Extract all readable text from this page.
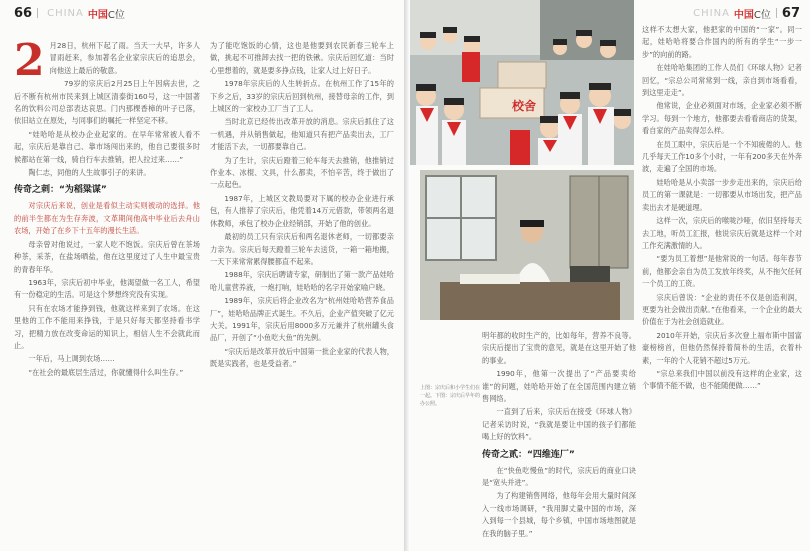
66 CHINA 中国 C位
2 月28日，杭州下起了雨。当天一大早，许多人冒雨赶来，参加著名企业家宗庆后的追思会，向他送上最后的敬意。

79岁的宗庆后2月25日上午因病去世，之后不断有杭州市民来到上城区清泰街160号，这一中国著名的饮料公司总部表达哀思。门内那棵香樟的叶子已落，依旧站立在原处，与同事们的嘱托一样坚定不移。

“娃哈哈是从校办企业起家的。在早年常常被人看不起，宗庆后是靠自己、靠市场闯出来的，他自己要很多时候都站在第一线，骑自行车去推销，把人拉过来……”

陶仁志，同他的人生故事引子的来讲。

传奇之刺：“为稻粱谋”

对宗庆后来说，创业是看似主动实则被动的选择。他的前半生都在为生存奔波，文革期间他高中毕业后去舟山农场，开始了在乡下十五年的漫长生活。

母亲曾对他说过，一家人吃不饱饭。宗庆后曾在茶场种茶，采茶，在盐场晒盐，他在这里度过了人生中最宝贵的青春年华。

1963年，宗庆后初中毕业，他渴望做一名工人，希望有一份稳定的生活。可是这个梦想终究没有实现。

只有在农场才能挣到钱，他就这样来到了农场。在这里他的工作不能用来挣钱，于是只好每天都坚持看书学习，把精力放在改变命运的知识上，相信人生不会就此而止。

一年后，马上调到农场……

“在社会的最底层生活过，你就懂得什么叫生存。”

为了能吃饱饭的心情，这也是他要到农民新春三轮车上做，挑起不可推卸去找一把的铁锹。宗庆后回忆道：当时心里想着的，就是要多挣点钱，让家人过上好日子。

1978年宗庆后的人生转折点。在杭州工作了15年的下乡之后，33岁的宗庆后回到杭州，接替母亲的工作，到上城区的一家校办工厂当了工人。

当时北京已经传出改革开放的消息。宗庆后抓住了这一机遇，并从销售做起，他知道只有把产品卖出去，工厂才能活下去，一切都要靠自己。

为了生计，宗庆后蹬着三轮车每天去推销，他推销过作业本、冰棍、文具，什么都卖，不怕辛苦，终于做出了一点起色。

1987年，上城区文教局要对下属的校办企业进行承包，有人推荐了宗庆后，他凭着14万元借款，带领两名退休教师，承包了校办企业经销部，开始了他的创业。

最初的员工只有宗庆后和两名退休老师，一切都要亲力亲为。宗庆后每天蹬着三轮车去送货，一箱一箱地搬，一天下来常常累得腰都直不起来。

1988年，宗庆后聘请专家，研制出了第一款产品娃哈哈儿童营养液，一炮打响，娃哈哈的名字开始家喻户晓。

1989年，宗庆后将企业改名为“杭州娃哈哈营养食品厂”，娃哈哈品牌正式诞生。不久后，企业产值突破了亿元大关。1991年，宗庆后用8000多万元兼并了杭州罐头食品厂，开创了“小鱼吃大鱼”的先例。

“宗庆后是改革开放后中国第一批企业家的代表人物，既是实践者，也是受益者。”

CHINA 中国 C位 67

这样不太想大家，他把家的中国的“一家”。同一起，娃哈哈将要合作国内的所有的学生“一步一步”的向前的路。

在娃哈哈集团的工作人员们《环球人物》记者回忆，“宗总公司常常到一线，亲自到市场看看，到这里走走”。

他常说，企业必须面对市场，企业家必须不断学习。每到一个地方，他都要去看看商店的货架，看自家的产品卖得怎么样。

在员工眼中，宗庆后是一个不知疲倦的人。他几乎每天工作10多个小时，一年有200多天在外奔波，走遍了全国的市场。

娃哈哈是从小卖部一步步走出来的，宗庆后给员工的第一课就是：一切都要从市场出发，把产品卖出去才是硬道理。

这样一次，宗庆后的喉咙沙哑，依旧坚持每天去工地，听员工汇报，他说宗庆后就是这样一个对工作充满激情的人。

“要为员工着想”是他常说的一句话。每年春节前，他都会亲自为员工发放年终奖，从不拖欠任何一个员工的工资。

宗庆后曾说：“企业的责任不仅是创造利润，更要为社会做出贡献。”在他看来，一个企业的最大价值在于为社会创造就业。

2010年开始，宗庆后多次登上福布斯中国富豪榜榜首，但他仍然保持着简朴的生活，衣着朴素，一年的个人花销不超过5万元。

“宗总来我们中国以前没有这样的企业家，这个事情不能不做，也不能随便做……”

明年都的收时生产的，比如每年，营养不良等。宗庆后提出了宝贵的意见，就是在这里开始了他的事业。

1990年，他第一次提出了“产品要卖给谁”的问题，娃哈哈开始了在全国范围内建立销售网络。

一直到了后来，宗庆后在接受《环球人物》记者采访时说，“我就是要让中国的孩子们都能喝上好的饮料”。

传奇之贰：“四维连厂”

在“快鱼吃慢鱼”的时代，宗庆后的商业口诀是“宽头并进”。

为了构建销售网络，他每年会用大量时间深入一线市场调研，“我用脚丈量中国的市场，深入到每一个县城，每个乡镇，中国市场地图就是在我的脑子里。”

校舍
上图：宗庆后和小学生们在一起。下图：宗庆后早年的办公照。
